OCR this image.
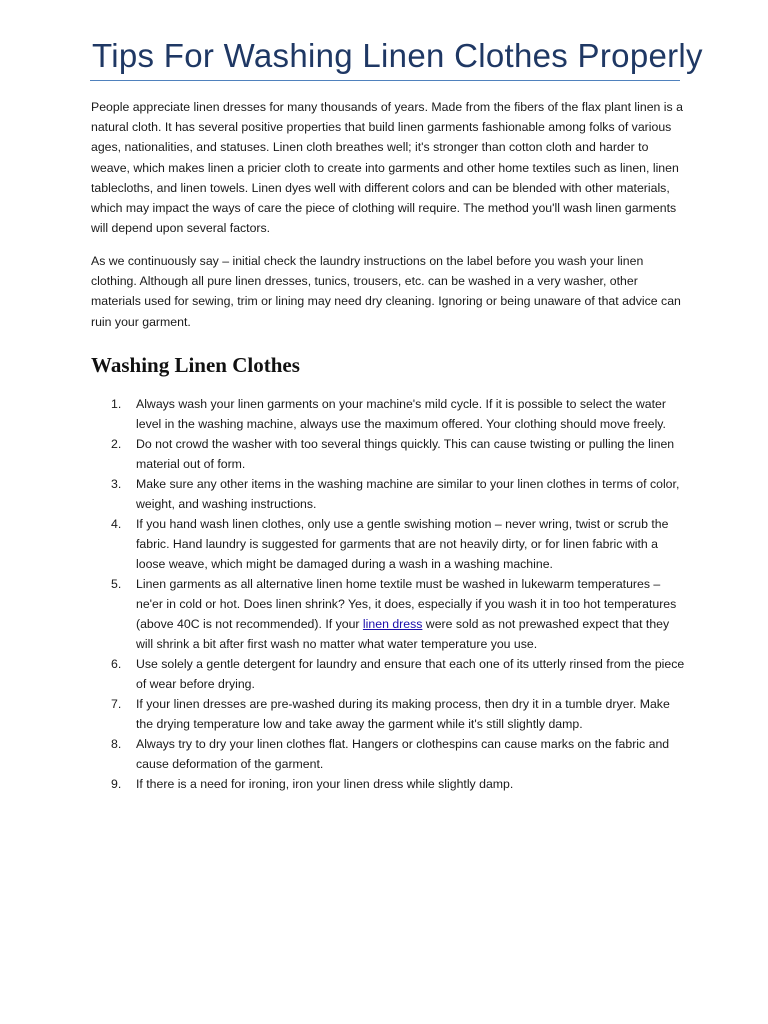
Tips For Washing Linen Clothes Properly

People appreciate linen dresses for many thousands of years. Made from the fibers of the flax plant linen is a natural cloth. It has several positive properties that build linen garments fashionable among folks of various ages, nationalities, and statuses. Linen cloth breathes well; it's stronger than cotton cloth and harder to weave, which makes linen a pricier cloth to create into garments and other home textiles such as linen, linen tablecloths, and linen towels. Linen dyes well with different colors and can be blended with other materials, which may impact the ways of care the piece of clothing will require. The method you'll wash linen garments will depend upon several factors.

As we continuously say – initial check the laundry instructions on the label before you wash your linen clothing. Although all pure linen dresses, tunics, trousers, etc. can be washed in a very washer, other materials used for sewing, trim or lining may need dry cleaning. Ignoring or being unaware of that advice can ruin your garment.

Washing Linen Clothes
1. Always wash your linen garments on your machine's mild cycle. If it is possible to select the water level in the washing machine, always use the maximum offered. Your clothing should move freely.
2. Do not crowd the washer with too several things quickly. This can cause twisting or pulling the linen material out of form.
3. Make sure any other items in the washing machine are similar to your linen clothes in terms of color, weight, and washing instructions.
4. If you hand wash linen clothes, only use a gentle swishing motion – never wring, twist or scrub the fabric. Hand laundry is suggested for garments that are not heavily dirty, or for linen fabric with a loose weave, which might be damaged during a wash in a washing machine.
5. Linen garments as all alternative linen home textile must be washed in lukewarm temperatures – ne'er in cold or hot. Does linen shrink? Yes, it does, especially if you wash it in too hot temperatures (above 40C is not recommended). If your linen dress were sold as not prewashed expect that they will shrink a bit after first wash no matter what water temperature you use.
6. Use solely a gentle detergent for laundry and ensure that each one of its utterly rinsed from the piece of wear before drying.
7. If your linen dresses are pre-washed during its making process, then dry it in a tumble dryer. Make the drying temperature low and take away the garment while it's still slightly damp.
8. Always try to dry your linen clothes flat. Hangers or clothespins can cause marks on the fabric and cause deformation of the garment.
9. If there is a need for ironing, iron your linen dress while slightly damp.
